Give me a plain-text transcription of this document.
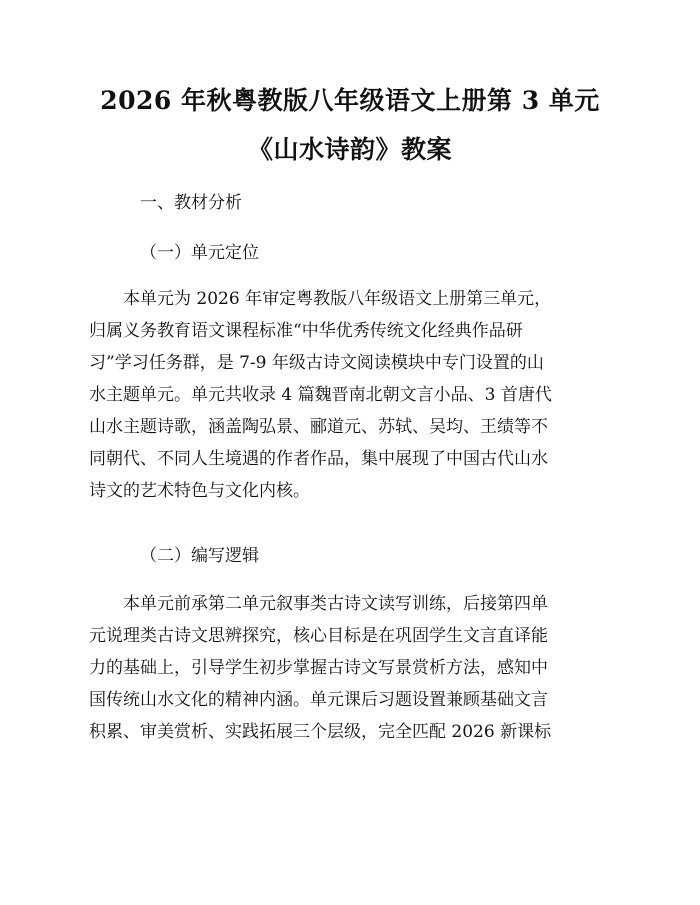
2026 年秋粤教版八年级语文上册第 3 单元
《山水诗韵》教案
一、教材分析
（一）单元定位
　　本单元为 2026 年审定粤教版八年级语文上册第三单元，
归属义务教育语文课程标准“中华优秀传统文化经典作品研
习”学习任务群，是 7-9 年级古诗文阅读模块中专门设置的山
水主题单元。单元共收录 4 篇魏晋南北朝文言小品、3 首唐代
山水主题诗歌，涵盖陶弘景、郦道元、苏轼、吴均、王绩等不
同朝代、不同人生境遇的作者作品，集中展现了中国古代山水
诗文的艺术特色与文化内核。
（二）编写逻辑
　　本单元前承第二单元叙事类古诗文读写训练，后接第四单
元说理类古诗文思辨探究，核心目标是在巩固学生文言直译能
力的基础上，引导学生初步掌握古诗文写景赏析方法，感知中
国传统山水文化的精神内涵。单元课后习题设置兼顾基础文言
积累、审美赏析、实践拓展三个层级，完全匹配 2026 新课标
